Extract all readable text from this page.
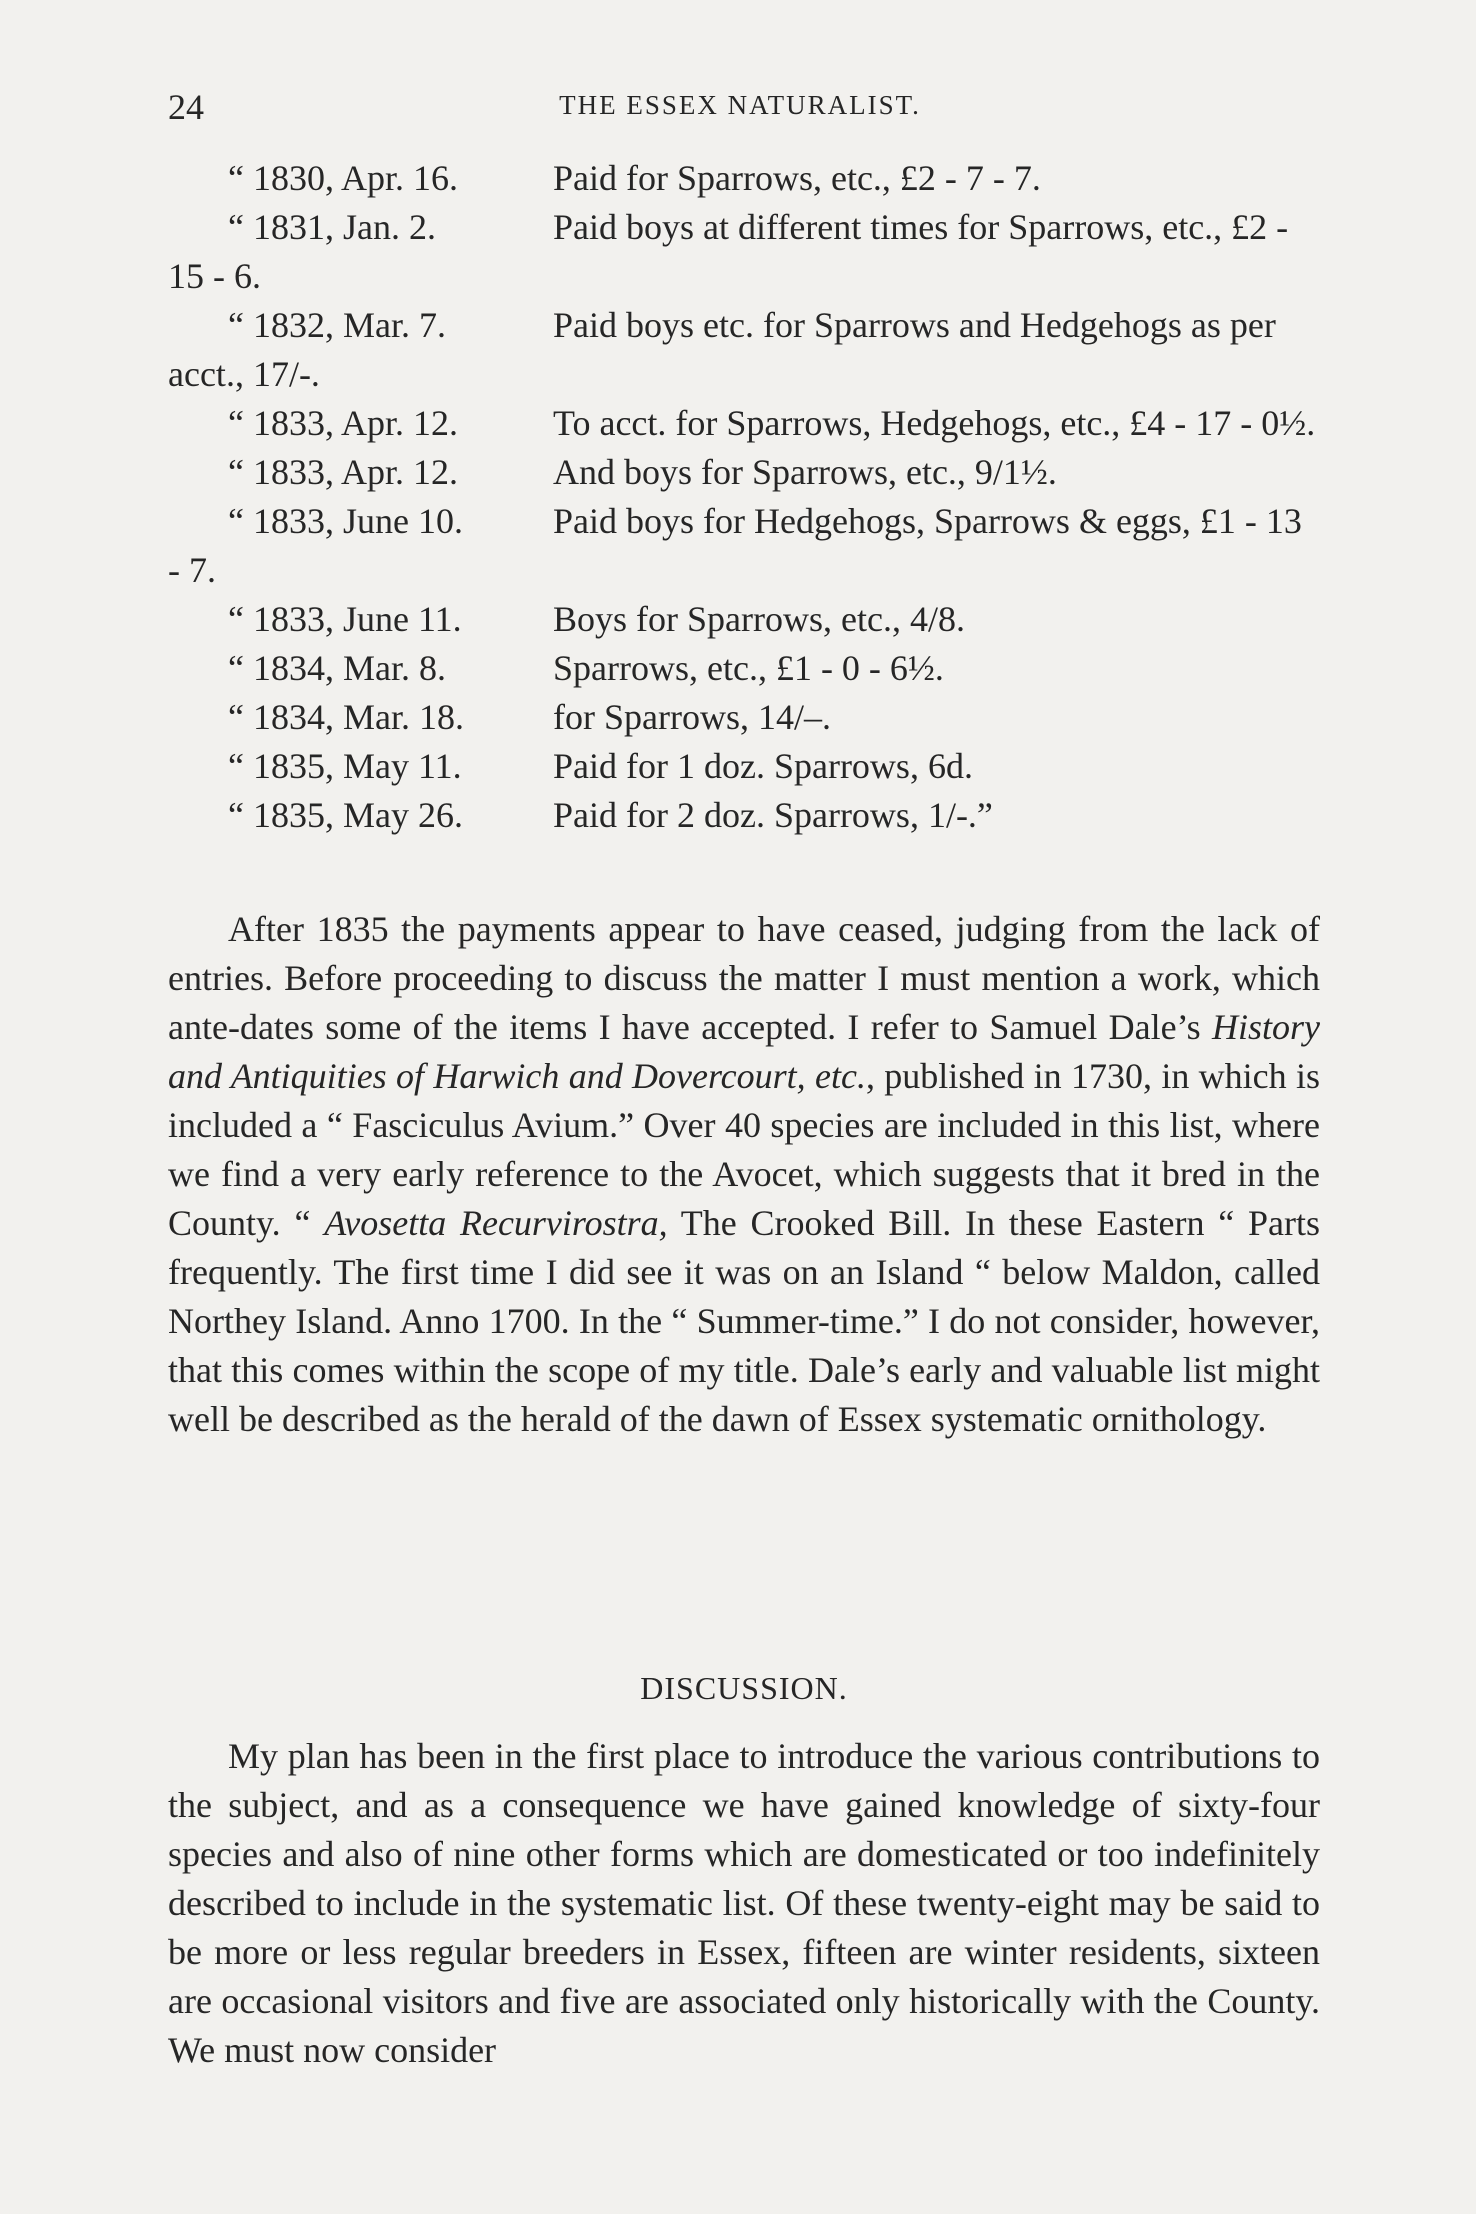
24	THE ESSEX NATURALIST.
“ 1830, Apr. 16.	Paid for Sparrows, etc., £2 - 7 - 7.
“ 1831, Jan. 2.	Paid boys at different times for Sparrows, etc., £2 - 15 - 6.
“ 1832, Mar. 7.	Paid boys etc. for Sparrows and Hedgehogs as per acct., 17/-.
“ 1833, Apr. 12.	To acct. for Sparrows, Hedgehogs, etc., £4 - 17 - 0½.
“ 1833, Apr. 12.	And boys for Sparrows, etc., 9/1½.
“ 1833, June 10.	Paid boys for Hedgehogs, Sparrows & eggs, £1 - 13 - 7.
“ 1833, June 11.	Boys for Sparrows, etc., 4/8.
“ 1834, Mar. 8.	Sparrows, etc., £1 - 0 - 6½.
“ 1834, Mar. 18. for Sparrows, 14/–.
“ 1835, May 11.	Paid for 1 doz. Sparrows, 6d.
“ 1835, May 26.	Paid for 2 doz. Sparrows, 1/-.”

After 1835 the payments appear to have ceased, judging from the lack of entries. Before proceeding to discuss the matter I must mention a work, which ante-dates some of the items I have accepted. I refer to Samuel Dale’s History and Antiquities of Harwich and Dovercourt, etc., published in 1730, in which is included a “ Fasciculus Avium.” Over 40 species are included in this list, where we find a very early reference to the Avocet, which suggests that it bred in the County. “ Avosetta Recurvirostra, The Crooked Bill. In these Eastern “ Parts frequently. The first time I did see it was on an Island “ below Maldon, called Northey Island. Anno 1700. In the “ Summer-time.” I do not consider, however, that this comes within the scope of my title. Dale’s early and valuable list might well be described as the herald of the dawn of Essex systematic ornithology.

DISCUSSION.

My plan has been in the first place to introduce the various contributions to the subject, and as a consequence we have gained knowledge of sixty-four species and also of nine other forms which are domesticated or too indefinitely described to include in the systematic list. Of these twenty-eight may be said to be more or less regular breeders in Essex, fifteen are winter residents, sixteen are occasional visitors and five are associated only historically with the County. We must now consider
